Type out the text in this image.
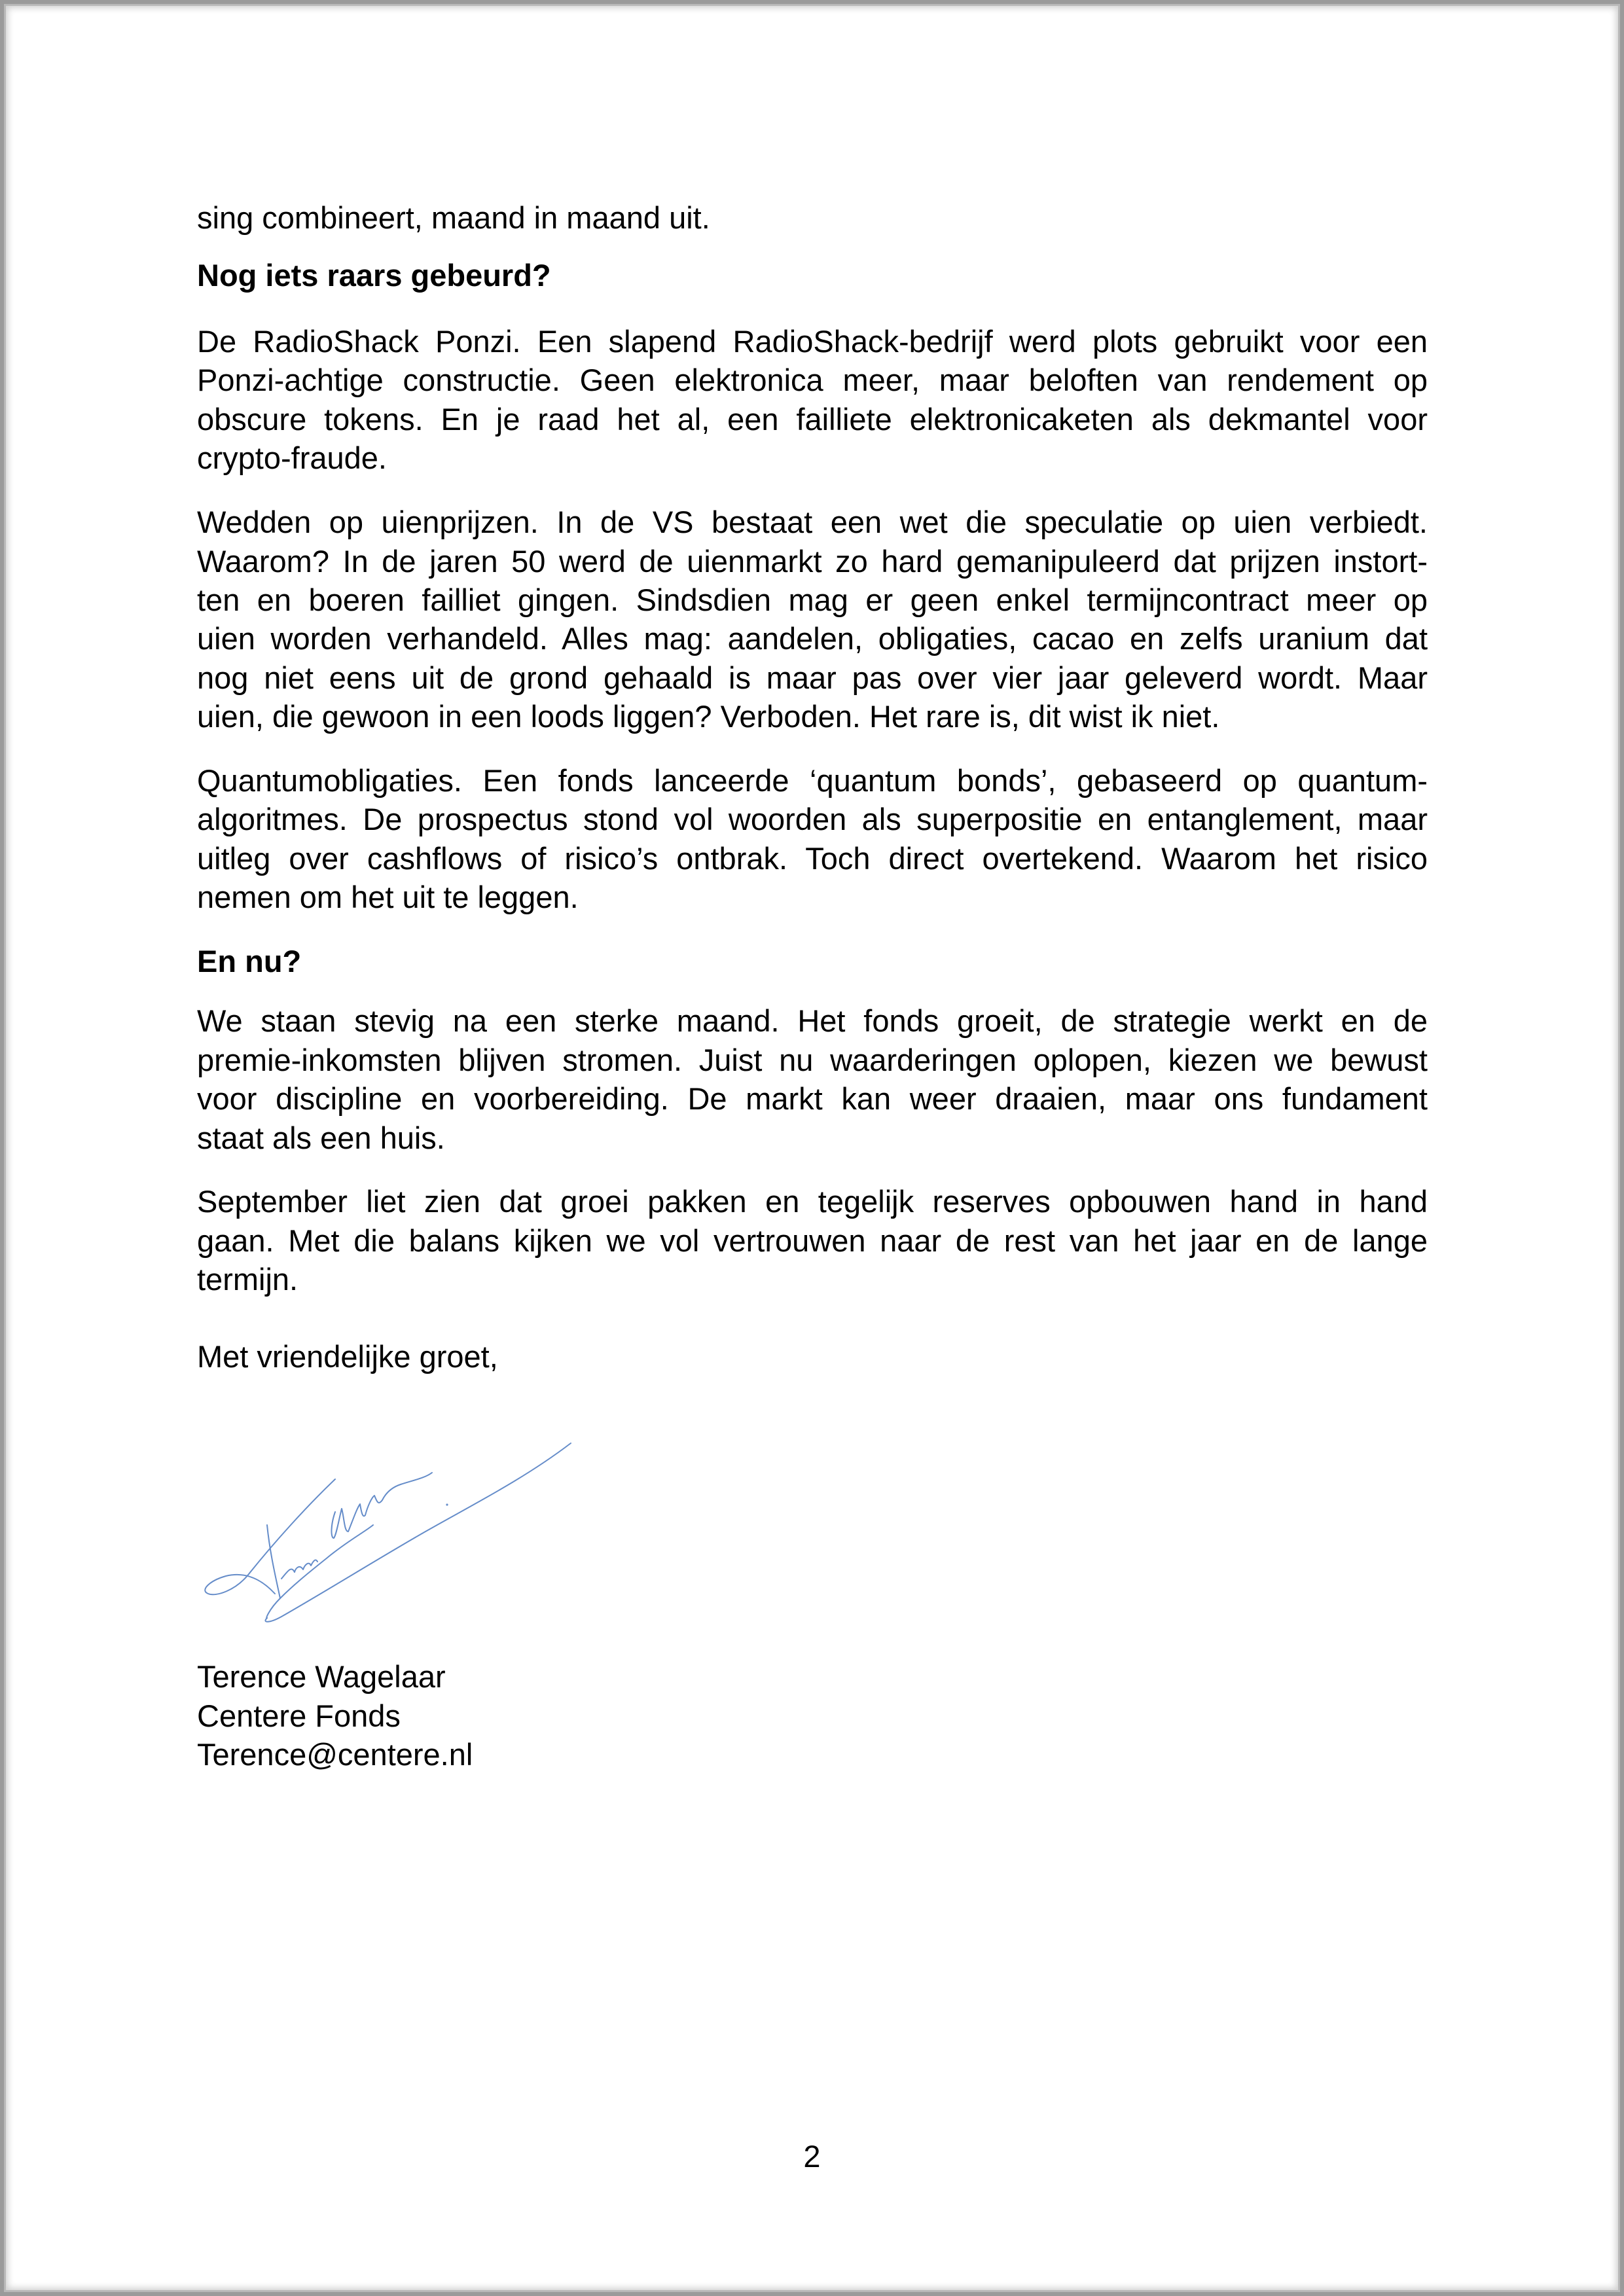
sing combineert, maand in maand uit.
Nog iets raars gebeurd?
De RadioShack Ponzi. Een slapend RadioShack-bedrijf werd plots gebruikt voor een
Ponzi-achtige constructie. Geen elektronica meer, maar beloften van rendement op
obscure tokens. En je raad het al, een failliete elektronicaketen als dekmantel voor
crypto-fraude.
Wedden op uienprijzen. In de VS bestaat een wet die speculatie op uien verbiedt.
Waarom? In de jaren 50 werd de uienmarkt zo hard gemanipuleerd dat prijzen instort-
ten en boeren failliet gingen. Sindsdien mag er geen enkel termijncontract meer op
uien worden verhandeld. Alles mag: aandelen, obligaties, cacao en zelfs uranium dat
nog niet eens uit de grond gehaald is maar pas over vier jaar geleverd wordt. Maar
uien, die gewoon in een loods liggen? Verboden. Het rare is, dit wist ik niet.
Quantumobligaties. Een fonds lanceerde ‘quantum bonds’, gebaseerd op quantum-
algoritmes. De prospectus stond vol woorden als superpositie en entanglement, maar
uitleg over cashflows of risico’s ontbrak. Toch direct overtekend. Waarom het risico
nemen om het uit te leggen.
En nu?
We staan stevig na een sterke maand. Het fonds groeit, de strategie werkt en de
premie-inkomsten blijven stromen. Juist nu waarderingen oplopen, kiezen we bewust
voor discipline en voorbereiding. De markt kan weer draaien, maar ons fundament
staat als een huis.
September liet zien dat groei pakken en tegelijk reserves opbouwen hand in hand
gaan. Met die balans kijken we vol vertrouwen naar de rest van het jaar en de lange
termijn.
Met vriendelijke groet,
Terence Wagelaar
Centere Fonds
Terence@centere.nl
2
